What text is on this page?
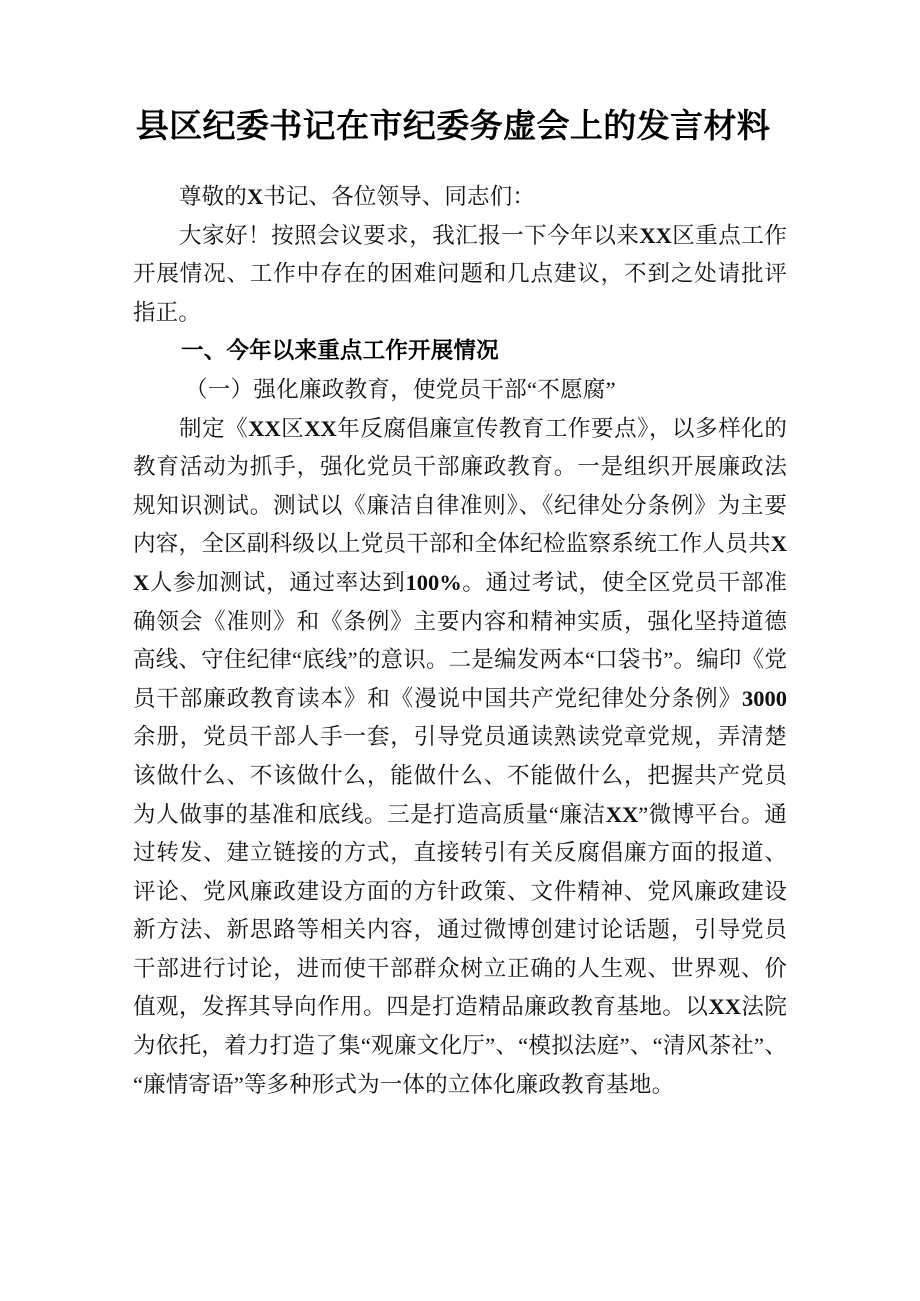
县区纪委书记在市纪委务虚会上的发言材料

尊敬的X书记、各位领导、同志们：

大家好！按照会议要求，我汇报一下今年以来XX区重点工作开展情况、工作中存在的困难问题和几点建议，不到之处请批评指正。

一、今年以来重点工作开展情况

（一）强化廉政教育，使党员干部“不愿腐”

制定《XX区XX年反腐倡廉宣传教育工作要点》，以多样化的教育活动为抓手，强化党员干部廉政教育。一是组织开展廉政法规知识测试。测试以《廉洁自律准则》、《纪律处分条例》为主要内容，全区副科级以上党员干部和全体纪检监察系统工作人员共XX人参加测试，通过率达到100%。通过考试，使全区党员干部准确领会《准则》和《条例》主要内容和精神实质，强化坚持道德高线、守住纪律“底线”的意识。二是编发两本“口袋书”。编印《党员干部廉政教育读本》和《漫说中国共产党纪律处分条例》3000余册，党员干部人手一套，引导党员通读熟读党章党规，弄清楚该做什么、不该做什么，能做什么、不能做什么，把握共产党员为人做事的基准和底线。三是打造高质量“廉洁XX”微博平台。通过转发、建立链接的方式，直接转引有关反腐倡廉方面的报道、评论、党风廉政建设方面的方针政策、文件精神、党风廉政建设新方法、新思路等相关内容，通过微博创建讨论话题，引导党员干部进行讨论，进而使干部群众树立正确的人生观、世界观、价值观，发挥其导向作用。四是打造精品廉政教育基地。以XX法院为依托，着力打造了集“观廉文化厅”、“模拟法庭”、“清风茶社”、“廉情寄语”等多种形式为一体的立体化廉政教育基地。
